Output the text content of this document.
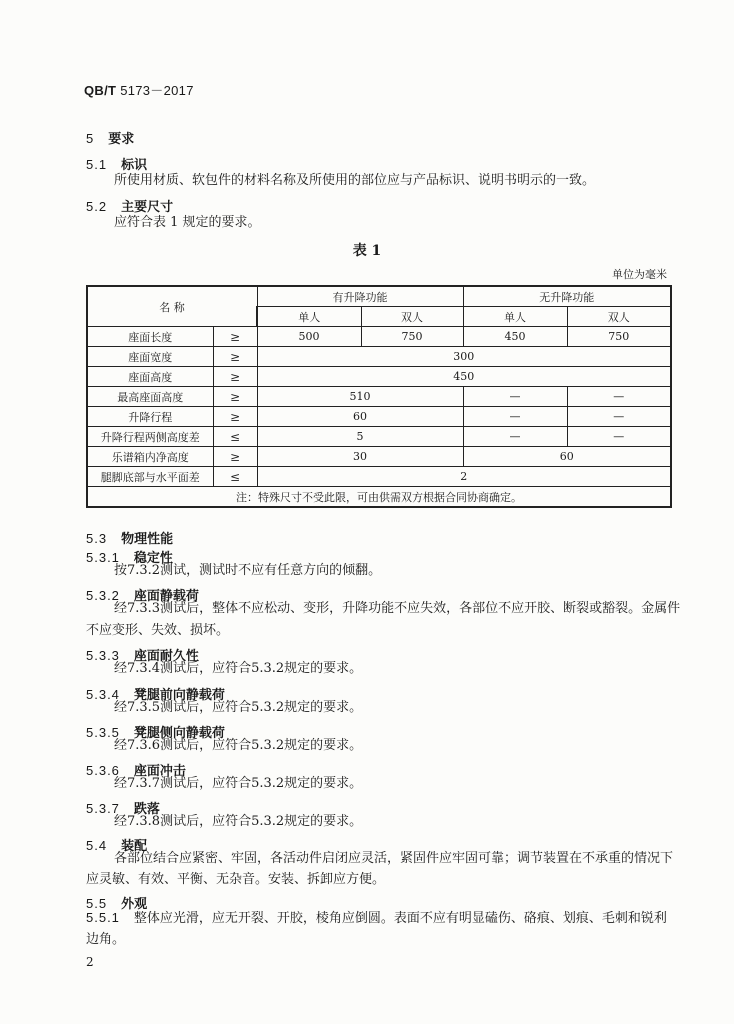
QB/T 5173－2017
5 要求
5.1 标识
所使用材质、软包件的材料名称及所使用的部位应与产品标识、说明书明示的一致。
5.2 主要尺寸
应符合表 1 规定的要求。
表 1
单位为毫米
名 称		有升降功能		无升降功能	
		单人	双人	单人	双人
座面长度	≥	500	750	450	750
座面宽度	≥	300			
座面高度	≥	450			
最高座面高度	≥	510		—	—
升降行程	≥	60		—	—
升降行程两侧高度差	≤	5		—	—
乐谱箱内净高度	≥	30		60	
腿脚底部与水平面差	≤	2			
注：特殊尺寸不受此限，可由供需双方根据合同协商确定。					
5.3 物理性能
5.3.1 稳定性
按7.3.2测试，测试时不应有任意方向的倾翻。
5.3.2 座面静载荷
经7.3.3测试后，整体不应松动、变形，升降功能不应失效，各部位不应开胶、断裂或豁裂。金属件
不应变形、失效、损坏。
5.3.3 座面耐久性
经7.3.4测试后，应符合5.3.2规定的要求。
5.3.4 凳腿前向静载荷
经7.3.5测试后，应符合5.3.2规定的要求。
5.3.5 凳腿侧向静载荷
经7.3.6测试后，应符合5.3.2规定的要求。
5.3.6 座面冲击
经7.3.7测试后，应符合5.3.2规定的要求。
5.3.7 跌落
经7.3.8测试后，应符合5.3.2规定的要求。
5.4 装配
各部位结合应紧密、牢固，各活动件启闭应灵活，紧固件应牢固可靠；调节装置在不承重的情况下
应灵敏、有效、平衡、无杂音。安装、拆卸应方便。
5.5 外观
5.5.1 整体应光滑，应无开裂、开胶，棱角应倒圆。表面不应有明显磕伤、硌痕、划痕、毛刺和锐利
边角。
2
